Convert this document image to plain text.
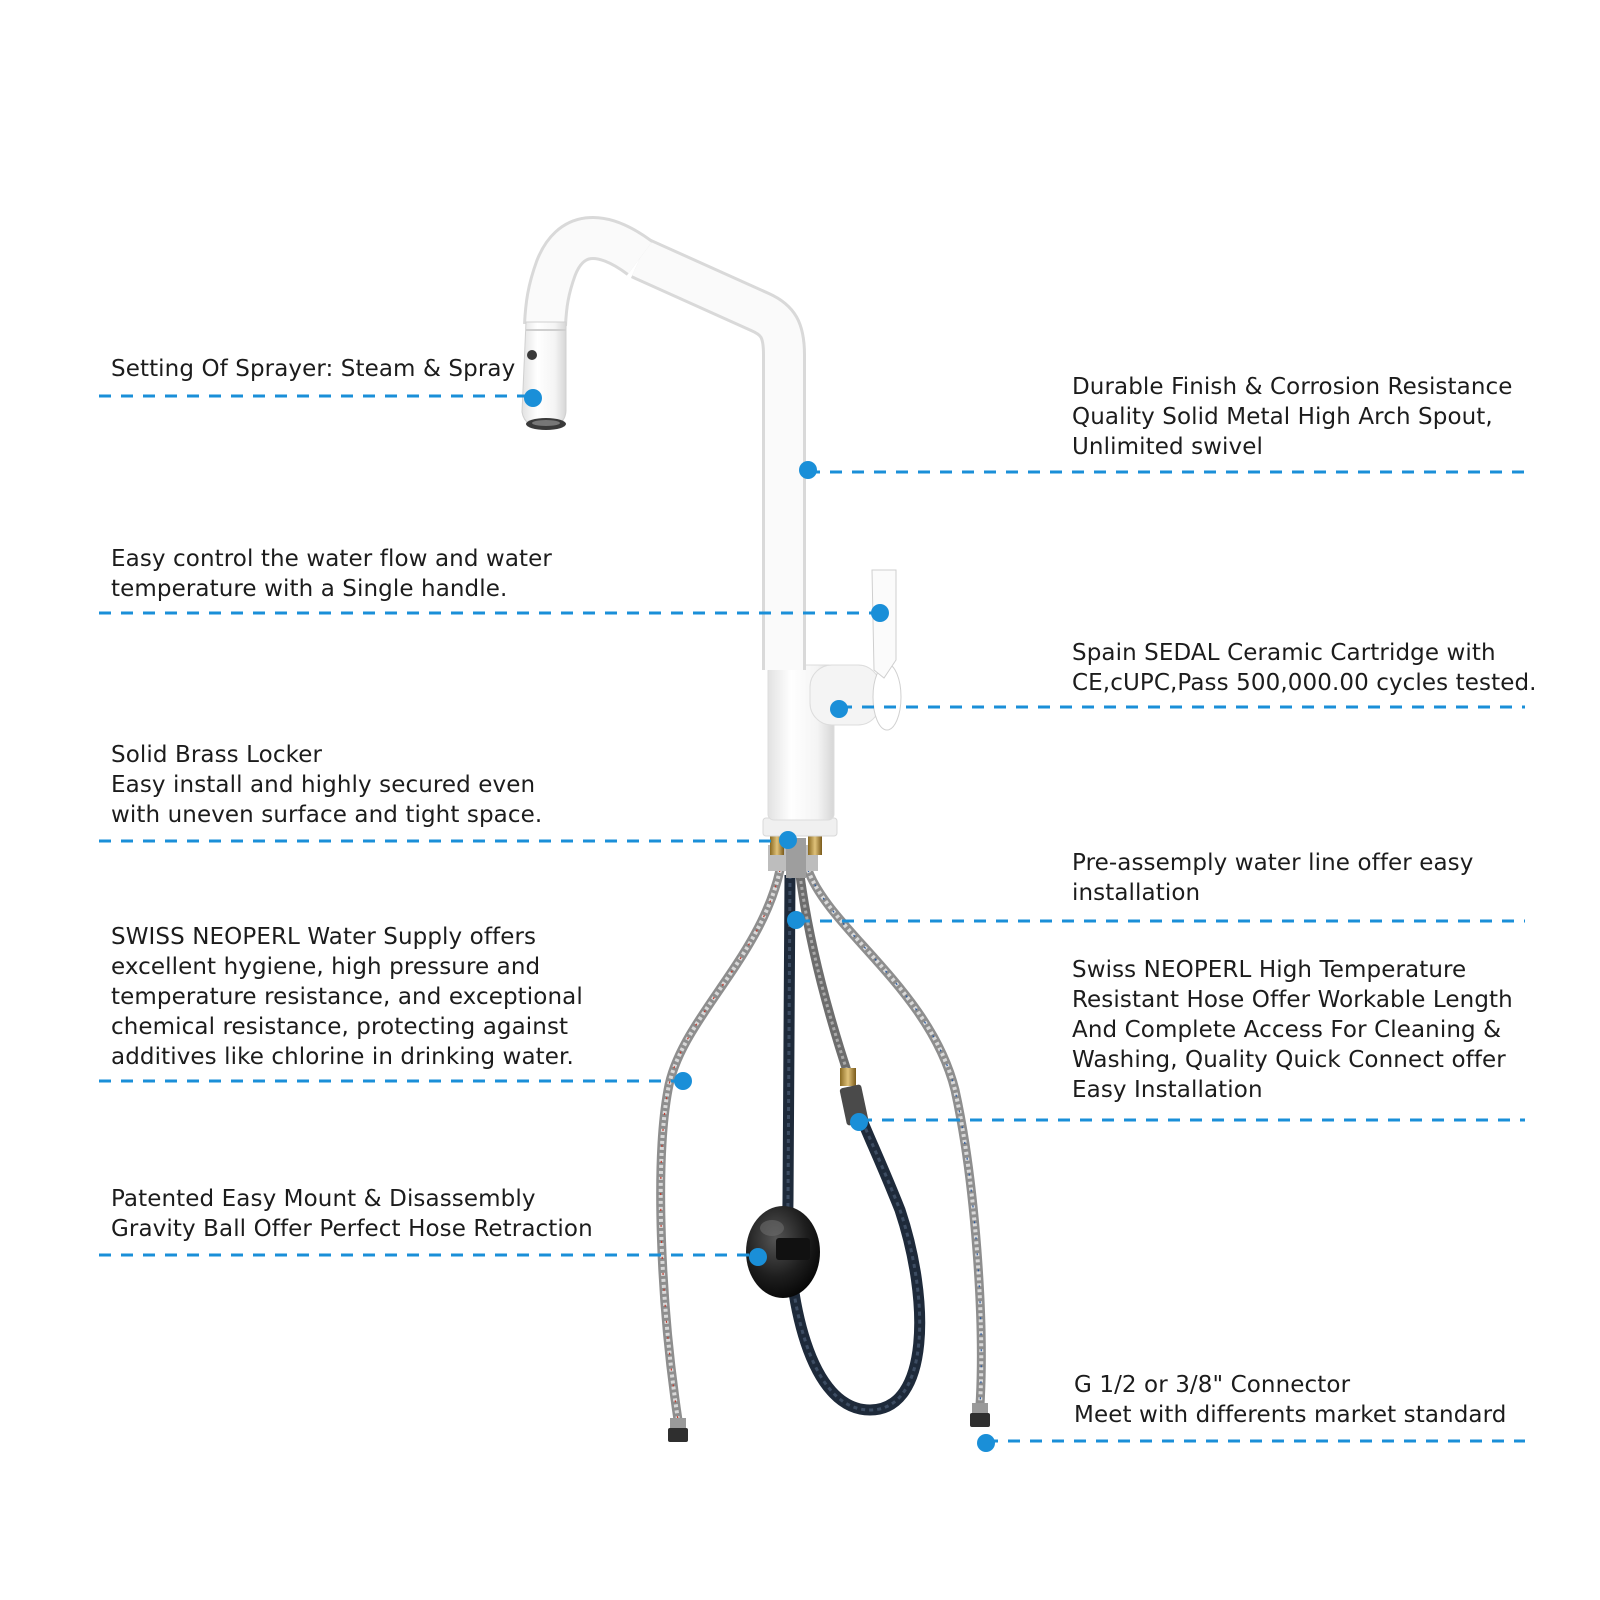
Setting Of Sprayer: Steam & Spray
Easy control the water flow and water
temperature with a Single handle.
Solid Brass Locker
Easy install and highly secured even
with uneven surface and tight space.
SWISS NEOPERL Water Supply offers
excellent hygiene, high pressure and
temperature resistance, and exceptional
chemical resistance, protecting against
additives like chlorine in drinking water.
Patented Easy Mount & Disassembly
Gravity Ball Offer Perfect Hose Retraction
Durable Finish & Corrosion Resistance
Quality Solid Metal High Arch Spout,
Unlimited swivel
Spain SEDAL Ceramic Cartridge with
CE,cUPC,Pass 500,000.00 cycles tested.
Pre-assemply water line offer easy
installation
Swiss NEOPERL High Temperature
Resistant Hose Offer Workable Length
And Complete Access For Cleaning &
Washing, Quality Quick Connect offer
Easy Installation
G 1/2 or 3/8" Connector
Meet with differents market standard
